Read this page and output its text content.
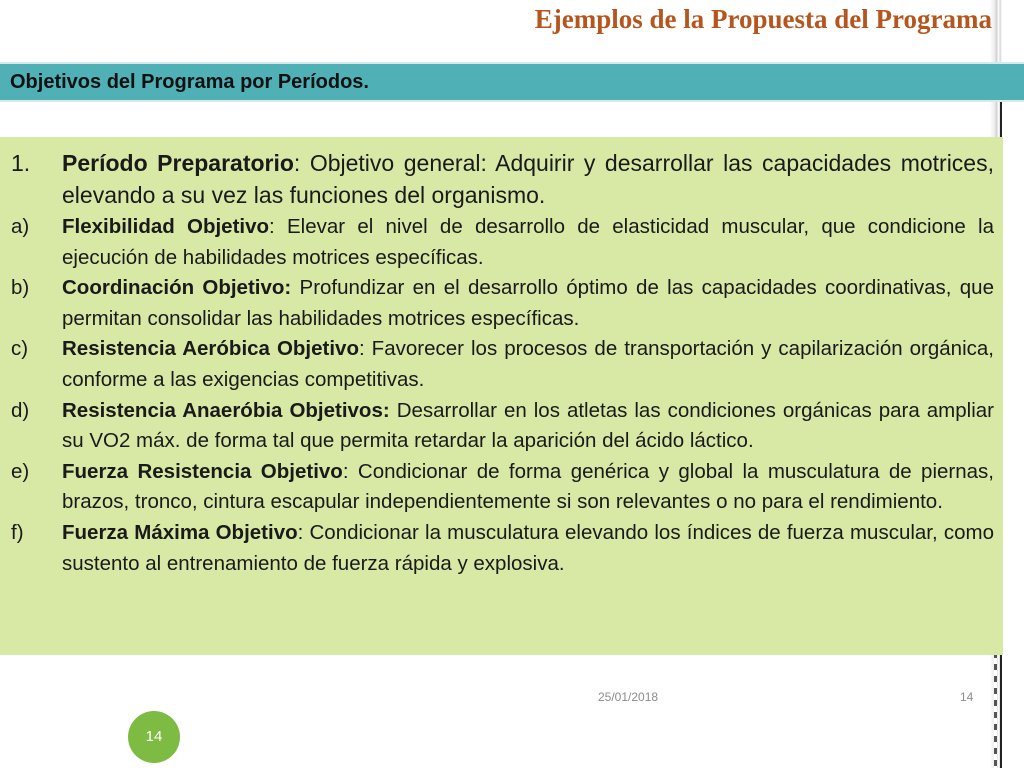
Ejemplos de la Propuesta del Programa
Objetivos del Programa por Períodos.
1.	Período Preparatorio: Objetivo general: Adquirir y desarrollar las capacidades motrices, elevando a su vez las funciones del organismo.
a)	Flexibilidad Objetivo: Elevar el nivel de desarrollo de elasticidad muscular, que condicione la ejecución de habilidades motrices específicas.
b)	Coordinación Objetivo: Profundizar en el desarrollo óptimo de las capacidades coordinativas, que permitan consolidar las habilidades motrices específicas.
c)	Resistencia Aeróbica Objetivo: Favorecer los procesos de transportación y capilarización orgánica, conforme a las exigencias competitivas.
d)	Resistencia Anaeróbia Objetivos: Desarrollar en los atletas las condiciones orgánicas para ampliar su VO2 máx. de forma tal que permita retardar la aparición del ácido láctico.
e)	Fuerza Resistencia Objetivo: Condicionar de forma genérica y global la musculatura de piernas, brazos, tronco, cintura escapular independientemente si son relevantes o no para el rendimiento.
f)	Fuerza Máxima Objetivo: Condicionar la musculatura elevando los índices de fuerza muscular, como sustento al entrenamiento de fuerza rápida y explosiva.
25/01/2018	14
14
